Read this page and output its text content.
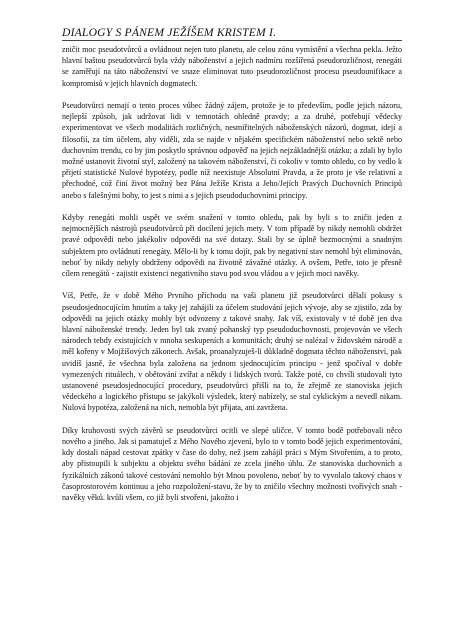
DIALOGY S PÁNEM JEŽÍŠEM KRISTEM I.

zničit moc pseudotvůrců a ovládnout nejen tuto planetu, ale celou zónu vymístění a všechna pekla. Ježto hlavní baštou pseudotvůrců byla vždy náboženství a jejich nadmíru rozšířená pseudorozličnost, renegáti se zaměřují na táto náboženství ve snaze eliminovat tuto pseudorozličnost procesu pseudounifikace a kompromisů v jejich hlavních dogmatech.

Pseudotvůrci nemají o tento proces vůbec žádný zájem, protože je to především, podle jejich názoru, nejlepší způsob, jak udržovat lidi v temnotách ohledně pravdy; a za druhé, potřebují vědecky experimentovat ve všech modalitách rozličných, nesmiřitelných náboženských názorů, dogmat, idejí a filosofií, za tím účelem, aby viděli, zda se najde v nějakém specifickém náboženství nebo sektě nebo duchovním trendu, co by jim poskytlo správnou odpověď na jejich nejzákladnější otázku; a zdali by bylo možné ustanovit životní styl, založený na takovém náboženství, či cokoliv v tomto ohledu, co by vedlo k přijetí statistické Nulové hypotézy, podle níž neexistuje Absolutní Pravda, a že proto je vše relativní a přechodné, což činí život možný bez Pána Ježíše Krista a Jeho/Jejích Pravých Duchovních Principů anebo s falešnými bohy, to jest s nimi a s jejich pseudoduchovními principy.

Kdyby renegáti mohli uspět ve svém snažení v tomto ohledu, pak by byli s to zničit jeden z nejmocnějších nástrojů pseudotvůrců při docílení jejich mety. V tom případě by nikdy nemohli obdržet pravé odpovědi nebo jakékoliv odpovědi na své dotazy. Stali by se úplně bezmocnými a snadným subjektem pro ovládnutí renegáty. Mělo-li by k tomu dojít, pak by negativní stav nemohl být eliminován, neboť by nikdy nebyly obdrženy odpovědi na životně závažné otázky. A ovšem, Petře, toto je přesně cílem renegátů - zajistit existenci negativního stavu pod svou vládou a v jejich moci navěky.

Víš, Petře, že v době Mého Prvního příchodu na vaši planetu již pseudotvůrci dělali pokusy s pseudosjednocujícím hnutím a taky jej zahájili za účelem studování jejich vývoje, aby se zjistilo, zda by odpovědi na jejich otázky mohly být odvozeny z takové snahy. Jak víš, existovaly v té době jen dva hlavní náboženské trendy. Jeden byl tak zvaný pohanský typ pseudoduchovnosti, projevován ve všech národech tehdy existujících v mnoha seskupeních a komunitách; druhý se nalézal v židovském národě a měl kořeny v Mojžíšových zákonech. Avšak, proanalyzuješ-li důkladně dogmata těchto náboženství, pak uvidíš jasně, že všechna byla založena na jednom sjednocujícím principu - jenž spočíval v dobře vymezených rituálech, v obětování zvířat a někdy i lidských tvorů. Takže poté, co chvíli studovali tyto ustanovené pseudosjednocující procedury, pseudotvůrci přišli na to, že zřejmě ze stanoviska jejich vědeckého a logického přístupu se jakýkoli výsledek, který nabízely, se stal cyklickým a nevedl nikam. Nulová hypotéza, založená na nich, nemohla být přijata, ani zavržena.

Díky kruhovosti svých závěrů se pseudotvůrci ocitli ve slepé uličce. V tomto bodě potřebovali něco nového a jiného. Jak si pamatuješ z Mého Nového zjevení, bylo to v tomto bodě jejich experimentování, kdy dostali nápad cestovat zpátky v čase do doby, než jsem zahájil práci s Mým Stvořením, a to proto, aby přistoupili k subjektu a objektu svého bádání ze zcela jiného úhlu. Ze stanoviska duchovních a fyzikálních zákonů takové cestování nemohlo být Mnou povoleno, neboť by to vyvolalo takový chaos v časoprostorovém kontinuu a jeho rozpoložení-stavu, že by to zničilo všechny možnosti tvořivých snah - navěky věků. kvůli všem, co již byli stvořeni, jakožto i
